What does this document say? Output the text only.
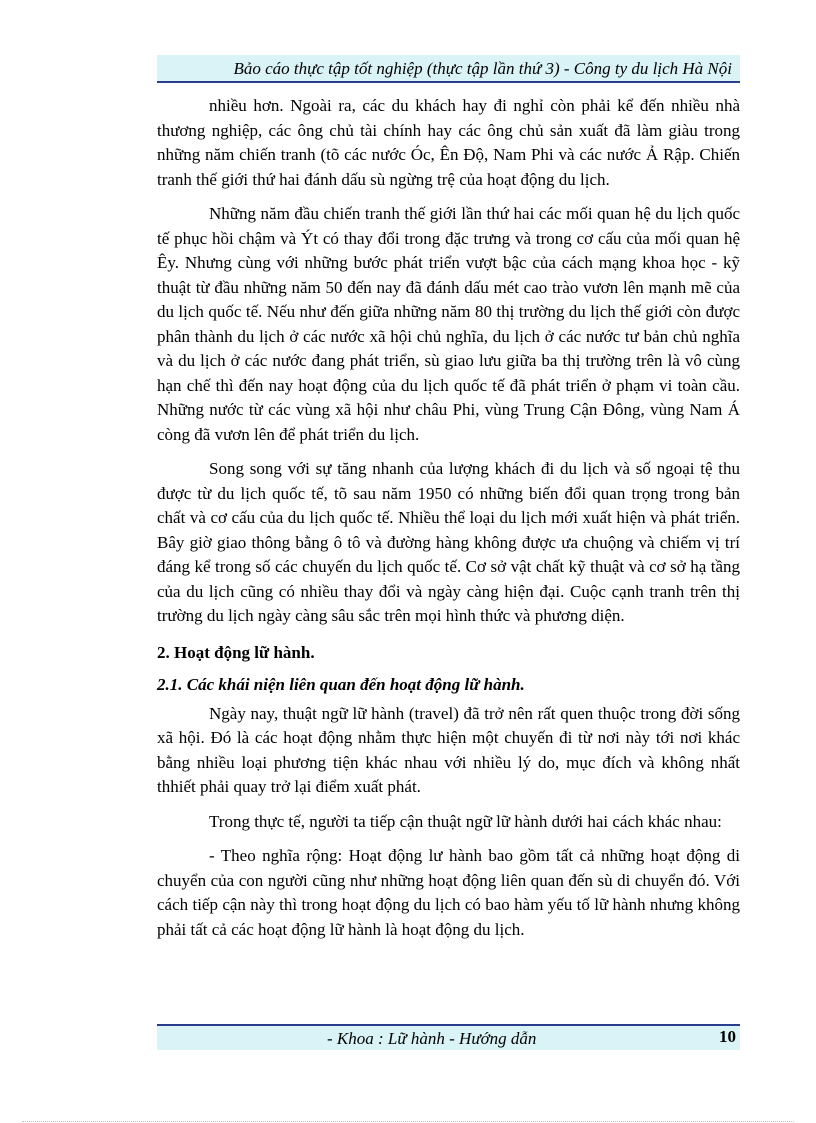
Bảo cáo thực tập tốt nghiệp (thực tập lần thứ 3) - Công ty du lịch Hà Nội

nhiều hơn. Ngoài ra, các du khách hay đi nghỉ còn phải kể đến nhiều nhà thương nghiệp, các ông chủ tài chính hay các ông chủ sản xuất đã làm giàu trong những năm chiến tranh (tõ các nước Óc, Ên Độ, Nam Phi và các nước Ả Rập. Chiến tranh thế giới thứ hai đánh dấu sù ngừng trệ của hoạt động du lịch.

Những năm đầu chiến tranh thế giới lần thứ hai các mối quan hệ du lịch quốc tế phục hồi chậm và Ýt có thay đổi trong đặc trưng và trong cơ cấu của mối quan hệ Êy. Nhưng cùng với những bước phát triển vượt bậc của cách mạng khoa học - kỹ thuật từ đầu những năm 50 đến nay đã đánh dấu mét cao trào vươn lên mạnh mẽ của du lịch quốc tế. Nếu như đến giữa những năm 80 thị trường du lịch thế giới còn được phân thành du lịch ở các nước xã hội chủ nghĩa, du lịch ở các nước tư bản chủ nghĩa và du lịch ở các nước đang phát triển, sù giao lưu giữa ba thị trường trên là vô cùng hạn chế thì đến nay hoạt động của du lịch quốc tế đã phát triển ở phạm vi toàn cầu. Những nước từ các vùng xã hội như châu Phi, vùng Trung Cận Đông, vùng Nam Á còng đã vươn lên để phát triển du lịch.

Song song với sự tăng nhanh của lượng khách đi du lịch và số ngoại tệ thu được từ du lịch quốc tế, tõ sau năm 1950 có những biến đổi quan trọng trong bản chất và cơ cấu của du lịch quốc tế. Nhiều thể loại du lịch mới xuất hiện và phát triển. Bây giờ giao thông bằng ô tô và đường hàng không được ưa chuộng và chiếm vị trí đáng kể trong số các chuyến du lịch quốc tế. Cơ sở vật chất kỹ thuật và cơ sở hạ tầng của du lịch cũng có nhiều thay đổi và ngày càng hiện đại. Cuộc cạnh tranh trên thị trường du lịch ngày càng sâu sắc trên mọi hình thức và phương diện.

2. Hoạt động lữ hành.
2.1. Các khái niện liên quan đến hoạt động lữ hành.

Ngày nay, thuật ngữ lữ hành (travel) đã trở nên rất quen thuộc trong đời sống xã hội. Đó là các hoạt động nhằm thực hiện một chuyến đi từ nơi này tới nơi khác bằng nhiều loại phương tiện khác nhau với nhiều lý do, mục đích và không nhất thhiết phải quay trở lại điểm xuất phát.

Trong thực tế, người ta tiếp cận thuật ngữ lữ hành dưới hai cách khác nhau:

- Theo nghĩa rộng: Hoạt động lư hành bao gồm tất cả những hoạt động di chuyển của con người cũng như những hoạt động liên quan đến sù di chuyển đó. Với cách tiếp cận này thì trong hoạt động du lịch có bao hàm yếu tố lữ hành nhưng không phải tất cả các hoạt động lữ hành là hoạt động du lịch.

- Khoa : Lữ hành - Hướng dẫn	10
